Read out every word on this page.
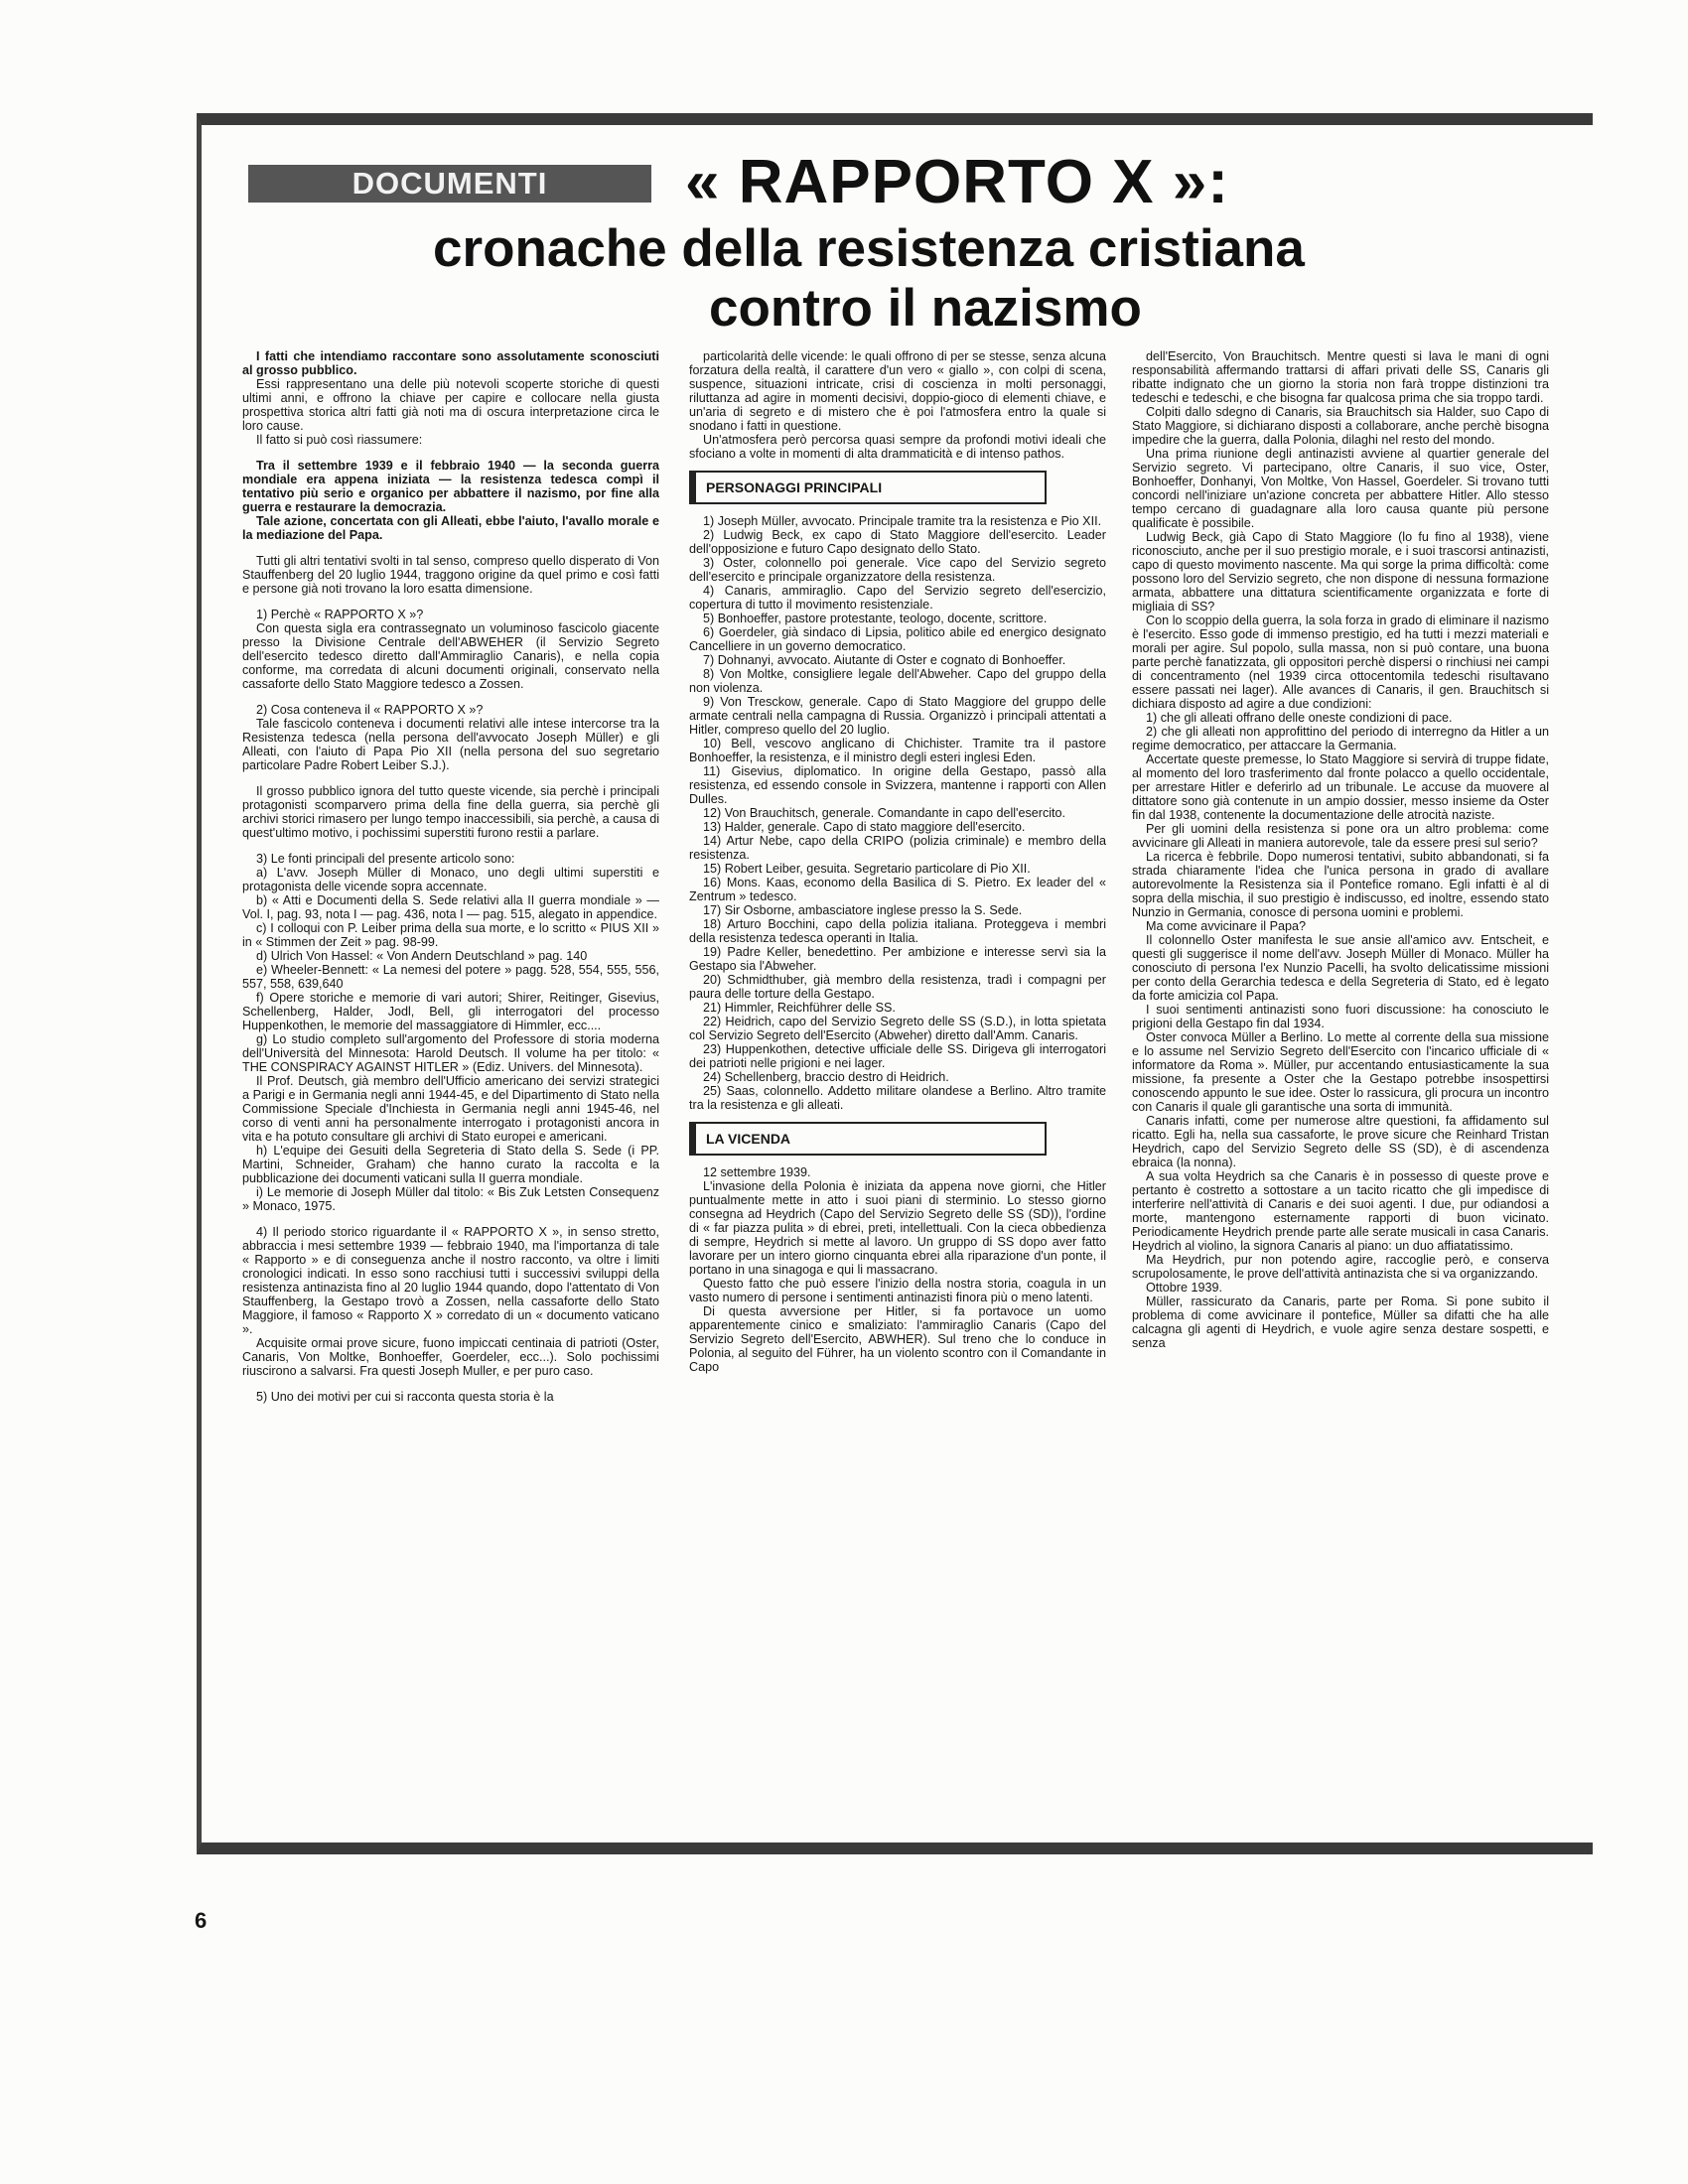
DOCUMENTI	« RAPPORTO X »:
cronache della resistenza cristiana
contro il nazismo

I fatti che intendiamo raccontare sono assolutamente sconosciuti al grosso pubblico.

Essi rappresentano una delle più notevoli scoperte storiche di questi ultimi anni, e offrono la chiave per capire e collocare nella giusta prospettiva storica altri fatti già noti ma di oscura interpretazione circa le loro cause.

Il fatto si può così riassumere:

Tra il settembre 1939 e il febbraio 1940 — la seconda guerra mondiale era appena iniziata — la resistenza tedesca compì il tentativo più serio e organico per abbattere il nazismo, por fine alla guerra e restaurare la democrazia.

Tale azione, concertata con gli Alleati, ebbe l'aiuto, l'avallo morale e la mediazione del Papa.

Tutti gli altri tentativi svolti in tal senso, compreso quello disperato di Von Stauffenberg del 20 luglio 1944, traggono origine da quel primo e così fatti e persone già noti trovano la loro esatta dimensione.

1) Perchè « RAPPORTO X »?

Con questa sigla era contrassegnato un voluminoso fascicolo giacente presso la Divisione Centrale dell'ABWEHER (il Servizio Segreto dell'esercito tedesco diretto dall'Ammiraglio Canaris), e nella copia conforme, ma corredata di alcuni documenti originali, conservato nella cassaforte dello Stato Maggiore tedesco a Zossen.

2) Cosa conteneva il « RAPPORTO X »?

Tale fascicolo conteneva i documenti relativi alle intese intercorse tra la Resistenza tedesca (nella persona dell'avvocato Joseph Müller) e gli Alleati, con l'aiuto di Papa Pio XII (nella persona del suo segretario particolare Padre Robert Leiber S.J.).

Il grosso pubblico ignora del tutto queste vicende, sia perchè i principali protagonisti scomparvero prima della fine della guerra, sia perchè gli archivi storici rimasero per lungo tempo inaccessibili, sia perchè, a causa di quest'ultimo motivo, i pochissimi superstiti furono restii a parlare.

3) Le fonti principali del presente articolo sono:

a) L'avv. Joseph Müller di Monaco, uno degli ultimi superstiti e protagonista delle vicende sopra accennate.

b) « Atti e Documenti della S. Sede relativi alla II guerra mondiale » — Vol. I, pag. 93, nota I — pag. 436, nota I — pag. 515, alegato in appendice.

c) I colloqui con P. Leiber prima della sua morte, e lo scritto « PIUS XII » in « Stimmen der Zeit » pag. 98-99.

d) Ulrich Von Hassel: « Von Andern Deutschland » pag. 140

e) Wheeler-Bennett: « La nemesi del potere » pagg. 528, 554, 555, 556, 557, 558, 639,640

f) Opere storiche e memorie di vari autori; Shirer, Reitinger, Gisevius, Schellenberg, Halder, Jodl, Bell, gli interrogatori del processo Huppenkothen, le memorie del massaggiatore di Himmler, ecc....

g) Lo studio completo sull'argomento del Professore di storia moderna dell'Università del Minnesota: Harold Deutsch. Il volume ha per titolo: « THE CONSPIRACY AGAINST HITLER » (Ediz. Univers. del Minnesota).

Il Prof. Deutsch, già membro dell'Ufficio americano dei servizi strategici a Parigi e in Germania negli anni 1944-45, e del Dipartimento di Stato nella Commissione Speciale d'Inchiesta in Germania negli anni 1945-46, nel corso di venti anni ha personalmente interrogato i protagonisti ancora in vita e ha potuto consultare gli archivi di Stato europei e americani.

h) L'equipe dei Gesuiti della Segreteria di Stato della S. Sede (i PP. Martini, Schneider, Graham) che hanno curato la raccolta e la pubblicazione dei documenti vaticani sulla II guerra mondiale.

i) Le memorie di Joseph Müller dal titolo: « Bis Zuk Letsten Consequenz » Monaco, 1975.

4) Il periodo storico riguardante il « RAPPORTO X », in senso stretto, abbraccia i mesi settembre 1939 — febbraio 1940, ma l'importanza di tale « Rapporto » e di conseguenza anche il nostro racconto, va oltre i limiti cronologici indicati. In esso sono racchiusi tutti i successivi sviluppi della resistenza antinazista fino al 20 luglio 1944 quando, dopo l'attentato di Von Stauffenberg, la Gestapo trovò a Zossen, nella cassaforte dello Stato Maggiore, il famoso « Rapporto X » corredato di un « documento vaticano ».

Acquisite ormai prove sicure, fuono impiccati centinaia di patrioti (Oster, Canaris, Von Moltke, Bonhoeffer, Goerdeler, ecc...). Solo pochissimi riuscirono a salvarsi. Fra questi Joseph Muller, e per puro caso.

5) Uno dei motivi per cui si racconta questa storia è la

particolarità delle vicende: le quali offrono di per se stesse, senza alcuna forzatura della realtà, il carattere d'un vero « giallo », con colpi di scena, suspence, situazioni intricate, crisi di coscienza in molti personaggi, riluttanza ad agire in momenti decisivi, doppio-gioco di elementi chiave, e un'aria di segreto e di mistero che è poi l'atmosfera entro la quale si snodano i fatti in questione.

Un'atmosfera però percorsa quasi sempre da profondi motivi ideali che sfociano a volte in momenti di alta drammaticità e di intenso pathos.

PERSONAGGI PRINCIPALI

1) Joseph Müller, avvocato. Principale tramite tra la resistenza e Pio XII.

2) Ludwig Beck, ex capo di Stato Maggiore dell'esercito. Leader dell'opposizione e futuro Capo designato dello Stato.

3) Oster, colonnello poi generale. Vice capo del Servizio segreto dell'esercito e principale organizzatore della resistenza.

4) Canaris, ammiraglio. Capo del Servizio segreto dell'esercizio, copertura di tutto il movimento resistenziale.

5) Bonhoeffer, pastore protestante, teologo, docente, scrittore.

6) Goerdeler, già sindaco di Lipsia, politico abile ed energico designato Cancelliere in un governo democratico.

7) Dohnanyi, avvocato. Aiutante di Oster e cognato di Bonhoeffer.

8) Von Moltke, consigliere legale dell'Abweher. Capo del gruppo della non violenza.

9) Von Tresckow, generale. Capo di Stato Maggiore del gruppo delle armate centrali nella campagna di Russia. Organizzò i principali attentati a Hitler, compreso quello del 20 luglio.

10) Bell, vescovo anglicano di Chichister. Tramite tra il pastore Bonhoeffer, la resistenza, e il ministro degli esteri inglesi Eden.

11) Gisevius, diplomatico. In origine della Gestapo, passò alla resistenza, ed essendo console in Svizzera, mantenne i rapporti con Allen Dulles.

12) Von Brauchitsch, generale. Comandante in capo dell'esercito.

13) Halder, generale. Capo di stato maggiore dell'esercito.

14) Artur Nebe, capo della CRIPO (polizia criminale) e membro della resistenza.

15) Robert Leiber, gesuita. Segretario particolare di Pio XII.

16) Mons. Kaas, economo della Basilica di S. Pietro. Ex leader del « Zentrum » tedesco.

17) Sir Osborne, ambasciatore inglese presso la S. Sede.

18) Arturo Bocchini, capo della polizia italiana. Proteggeva i membri della resistenza tedesca operanti in Italia.

19) Padre Keller, benedettino. Per ambizione e interesse servì sia la Gestapo sia l'Abweher.

20) Schmidthuber, già membro della resistenza, tradì i compagni per paura delle torture della Gestapo.

21) Himmler, Reichführer delle SS.

22) Heidrich, capo del Servizio Segreto delle SS (S.D.), in lotta spietata col Servizio Segreto dell'Esercito (Abweher) diretto dall'Amm. Canaris.

23) Huppenkothen, detective ufficiale delle SS. Dirigeva gli interrogatori dei patrioti nelle prigioni e nei lager.

24) Schellenberg, braccio destro di Heidrich.

25) Saas, colonnello. Addetto militare olandese a Berlino. Altro tramite tra la resistenza e gli alleati.

LA VICENDA

12 settembre 1939.

L'invasione della Polonia è iniziata da appena nove giorni, che Hitler puntualmente mette in atto i suoi piani di sterminio. Lo stesso giorno consegna ad Heydrich (Capo del Servizio Segreto delle SS (SD)), l'ordine di « far piazza pulita » di ebrei, preti, intellettuali. Con la cieca obbedienza di sempre, Heydrich si mette al lavoro. Un gruppo di SS dopo aver fatto lavorare per un intero giorno cinquanta ebrei alla riparazione d'un ponte, il portano in una sinagoga e qui li massacrano.

Questo fatto che può essere l'inizio della nostra storia, coagula in un vasto numero di persone i sentimenti antinazisti finora più o meno latenti.

Di questa avversione per Hitler, si fa portavoce un uomo apparentemente cinico e smaliziato: l'ammiraglio Canaris (Capo del Servizio Segreto dell'Esercito, ABWHER). Sul treno che lo conduce in Polonia, al seguito del Führer, ha un violento scontro con il Comandante in Capo

dell'Esercito, Von Brauchitsch. Mentre questi si lava le mani di ogni responsabilità affermando trattarsi di affari privati delle SS, Canaris gli ribatte indignato che un giorno la storia non farà troppe distinzioni tra tedeschi e tedeschi, e che bisogna far qualcosa prima che sia troppo tardi.

Colpiti dallo sdegno di Canaris, sia Brauchitsch sia Halder, suo Capo di Stato Maggiore, si dichiarano disposti a collaborare, anche perchè bisogna impedire che la guerra, dalla Polonia, dilaghi nel resto del mondo.

Una prima riunione degli antinazisti avviene al quartier generale del Servizio segreto. Vi partecipano, oltre Canaris, il suo vice, Oster, Bonhoeffer, Donhanyi, Von Moltke, Von Hassel, Goerdeler. Si trovano tutti concordi nell'iniziare un'azione concreta per abbattere Hitler. Allo stesso tempo cercano di guadagnare alla loro causa quante più persone qualificate è possibile.

Ludwig Beck, già Capo di Stato Maggiore (lo fu fino al 1938), viene riconosciuto, anche per il suo prestigio morale, e i suoi trascorsi antinazisti, capo di questo movimento nascente. Ma qui sorge la prima difficoltà: come possono loro del Servizio segreto, che non dispone di nessuna formazione armata, abbattere una dittatura scientificamente organizzata e forte di migliaia di SS?

Con lo scoppio della guerra, la sola forza in grado di eliminare il nazismo è l'esercito. Esso gode di immenso prestigio, ed ha tutti i mezzi materiali e morali per agire. Sul popolo, sulla massa, non si può contare, una buona parte perchè fanatizzata, gli oppositori perchè dispersi o rinchiusi nei campi di concentramento (nel 1939 circa ottocentomila tedeschi risultavano essere passati nei lager). Alle avances di Canaris, il gen. Brauchitsch si dichiara disposto ad agire a due condizioni:

1) che gli alleati offrano delle oneste condizioni di pace.

2) che gli alleati non approfittino del periodo di interregno da Hitler a un regime democratico, per attaccare la Germania.

Accertate queste premesse, lo Stato Maggiore si servirà di truppe fidate, al momento del loro trasferimento dal fronte polacco a quello occidentale, per arrestare Hitler e deferirlo ad un tribunale. Le accuse da muovere al dittatore sono già contenute in un ampio dossier, messo insieme da Oster fin dal 1938, contenente la documentazione delle atrocità naziste.

Per gli uomini della resistenza si pone ora un altro problema: come avvicinare gli Alleati in maniera autorevole, tale da essere presi sul serio?

La ricerca è febbrile. Dopo numerosi tentativi, subito abbandonati, si fa strada chiaramente l'idea che l'unica persona in grado di avallare autorevolmente la Resistenza sia il Pontefice romano. Egli infatti è al di sopra della mischia, il suo prestigio è indiscusso, ed inoltre, essendo stato Nunzio in Germania, conosce di persona uomini e problemi.

Ma come avvicinare il Papa?

Il colonnello Oster manifesta le sue ansie all'amico avv. Entscheit, e questi gli suggerisce il nome dell'avv. Joseph Müller di Monaco. Müller ha conosciuto di persona l'ex Nunzio Pacelli, ha svolto delicatissime missioni per conto della Gerarchia tedesca e della Segreteria di Stato, ed è legato da forte amicizia col Papa.

I suoi sentimenti antinazisti sono fuori discussione: ha conosciuto le prigioni della Gestapo fin dal 1934.

Oster convoca Müller a Berlino. Lo mette al corrente della sua missione e lo assume nel Servizio Segreto dell'Esercito con l'incarico ufficiale di « informatore da Roma ». Müller, pur accentando entusiasticamente la sua missione, fa presente a Oster che la Gestapo potrebbe insospettirsi conoscendo appunto le sue idee. Oster lo rassicura, gli procura un incontro con Canaris il quale gli garantische una sorta di immunità.

Canaris infatti, come per numerose altre questioni, fa affidamento sul ricatto. Egli ha, nella sua cassaforte, le prove sicure che Reinhard Tristan Heydrich, capo del Servizio Segreto delle SS (SD), è di ascendenza ebraica (la nonna).

A sua volta Heydrich sa che Canaris è in possesso di queste prove e pertanto è costretto a sottostare a un tacito ricatto che gli impedisce di interferire nell'attività di Canaris e dei suoi agenti. I due, pur odiandosi a morte, mantengono esternamente rapporti di buon vicinato. Periodicamente Heydrich prende parte alle serate musicali in casa Canaris. Heydrich al violino, la signora Canaris al piano: un duo affiatatissimo.

Ma Heydrich, pur non potendo agire, raccoglie però, e conserva scrupolosamente, le prove dell'attività antinazista che si va organizzando.

Ottobre 1939.

Müller, rassicurato da Canaris, parte per Roma. Si pone subito il problema di come avvicinare il pontefice, Müller sa difatti che ha alle calcagna gli agenti di Heydrich, e vuole agire senza destare sospetti, e senza

6
